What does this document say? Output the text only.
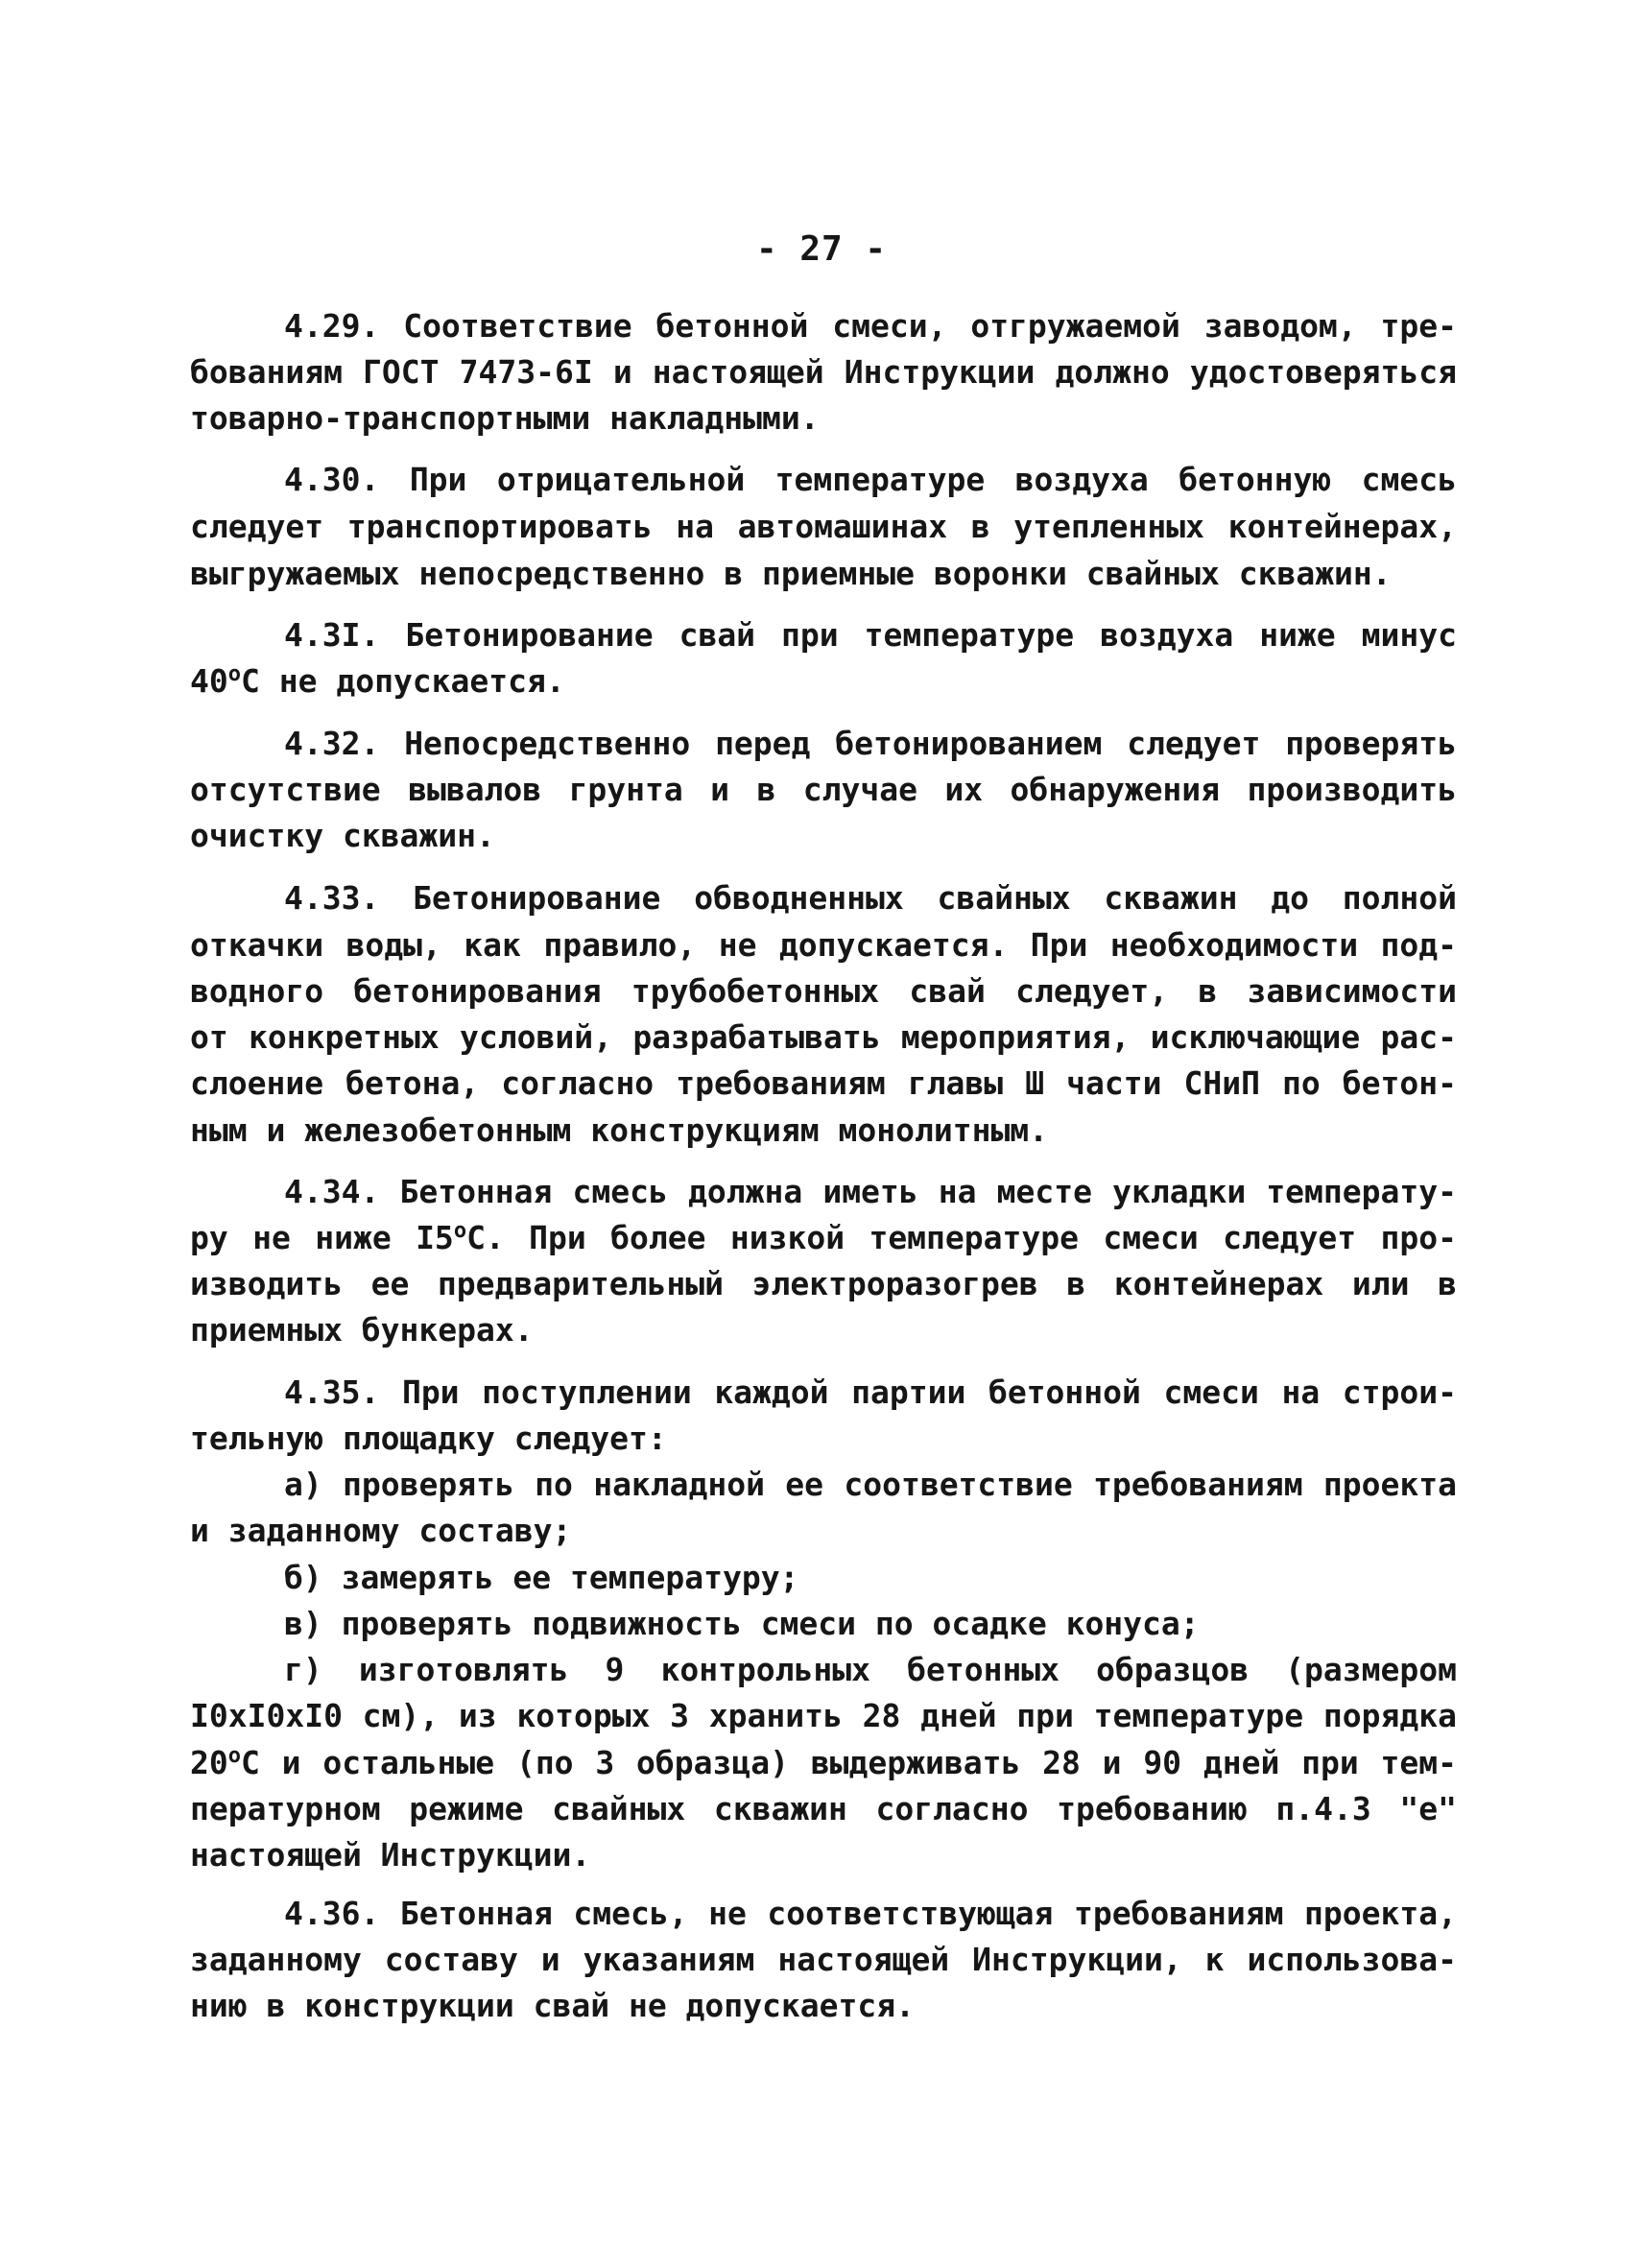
- 27 -

4.29. Соответствие бетонной смеси, отгружаемой заводом, тре-

бованиям ГОСТ 7473-6I и настоящей Инструкции должно удостоверяться

товарно-транспортными накладными.

4.30. При отрицательной температуре воздуха бетонную смесь

следует транспортировать на автомашинах в утепленных контейнерах,

выгружаемых непосредственно в приемные воронки свайных скважин.

4.3I. Бетонирование свай при температуре воздуха ниже минус

$40^оС$ не допускается.

4.32. Непосредственно перед бетонированием следует проверять

отсутствие вывалов грунта и в случае их обнаружения производить

очистку скважин.

4.33. Бетонирование обводненных свайных скважин до полной

откачки воды, как правило, не допускается. При необходимости под-

водного бетонирования трубобетонных свай следует, в зависимости

от конкретных условий, разрабатывать мероприятия, исключающие рас-

слоение бетона, согласно требованиям главы Ш части СНиП по бетон-

ным и железобетонным конструкциям монолитным.

4.34. Бетонная смесь должна иметь на месте укладки температу-

ру не ниже $I5^оС$. При более низкой температуре смеси следует про-

изводить ее предварительный электроразогрев в контейнерах или в

приемных бункерах.

4.35. При поступлении каждой партии бетонной смеси на строи-

тельную площадку следует:

а) проверять по накладной ее соответствие требованиям проекта

и заданному составу;

б) замерять ее температуру;

в) проверять подвижность смеси по осадке конуса;

г) изготовлять 9 контрольных бетонных образцов (размером

I0xI0xI0 см), из которых 3 хранить 28 дней при температуре порядка

$20^оС$ и остальные (по 3 образца) выдерживать 28 и 90 дней при тем-

пературном режиме свайных скважин согласно требованию п.4.3 "е"

настоящей Инструкции.

4.36. Бетонная смесь, не соответствующая требованиям проекта,

заданному составу и указаниям настоящей Инструкции, к использова-

нию в конструкции свай не допускается.
